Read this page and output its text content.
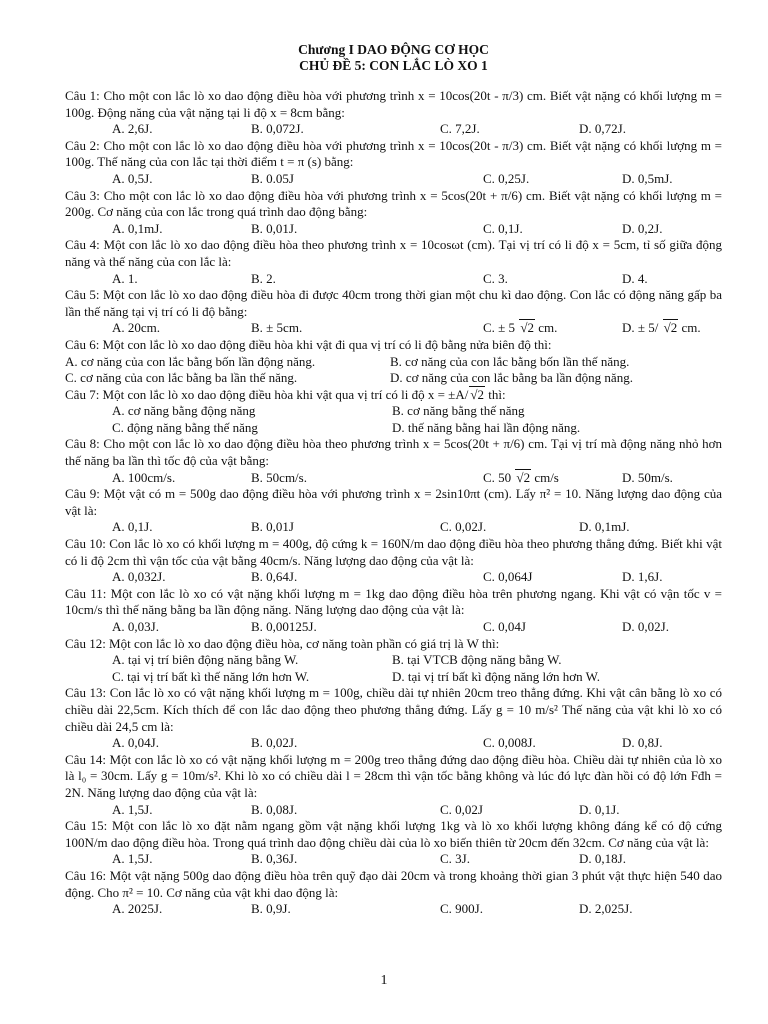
Chương I DAO ĐỘNG CƠ HỌC
CHỦ ĐỀ 5: CON LẮC LÒ XO 1
Câu 1: Cho một con lắc lò xo dao động điều hòa với phương trình x = 10cos(20t - π/3) cm. Biết vật nặng có khối lượng m = 100g. Động năng của vật nặng tại li độ x = 8cm bằng:
A. 2,6J.	B. 0,072J.	C. 7,2J.	D. 0,72J.
Câu 2: Cho một con lắc lò xo dao động điều hòa với phương trình x = 10cos(20t - π/3) cm. Biết vật nặng có khối lượng m = 100g. Thế năng của con lắc tại thời điểm t = π (s) bằng:
A. 0,5J.	B. 0.05J	C. 0,25J.	D. 0,5mJ.
Câu 3: Cho một con lắc lò xo dao động điều hòa với phương trình x = 5cos(20t + π/6) cm. Biết vật nặng có khối lượng m = 200g. Cơ năng của con lắc trong quá trình dao động bằng:
A. 0,1mJ.	B. 0,01J.	C. 0,1J.	D. 0,2J.
Câu 4: Một con lắc lò xo dao động điều hòa theo phương trình x = 10cosωt (cm). Tại vị trí có li độ x = 5cm, tỉ số giữa động năng và thế năng của con lắc là:
A. 1.	B. 2.	C. 3.	D. 4.
Câu 5: Một con lắc lò xo dao động điều hòa đi được 40cm trong thời gian một chu kì dao động. Con lắc có động năng gấp ba lần thế năng tại vị trí có li độ bằng:
A. 20cm.	B. ± 5cm.	C. ± 5 √2 cm.	D. ± 5/ √2 cm.
Câu 6: Một con lắc lò xo dao động điều hòa khi vật đi qua vị trí có li độ bằng nửa biên độ thì:
A. cơ năng của con lắc bằng bốn lần động năng.	B. cơ năng của con lắc bằng bốn lần thế năng.
C. cơ năng của con lắc bằng ba lần thế năng.	D. cơ năng của con lắc bằng ba lần động năng.
Câu 7: Một con lắc lò xo dao động điều hòa khi vật qua vị trí có li độ x = ±A/ √2 thì:
A. cơ năng bằng động năng	B. cơ năng bằng thế năng
C. động năng bằng thế năng	D. thế năng bằng hai lần động năng.
Câu 8: Cho một con lắc lò xo dao động điều hòa theo phương trình x = 5cos(20t + π/6) cm. Tại vị trí mà động năng nhỏ hơn thế năng ba lần thì tốc độ của vật bằng:
A. 100cm/s.	B. 50cm/s.	C. 50 √2 cm/s	D. 50m/s.
Câu 9: Một vật có m = 500g dao động điều hòa với phương trình x = 2sin10πt (cm). Lấy π² = 10. Năng lượng dao động của vật là:
A. 0,1J.	B. 0,01J	C. 0,02J.	D. 0,1mJ.
Câu 10: Con lắc lò xo có khối lượng m = 400g, độ cứng k = 160N/m dao động điều hòa theo phương thẳng đứng. Biết khi vật có li độ 2cm thì vận tốc của vật bằng 40cm/s. Năng lượng dao động của vật là:
A. 0,032J.	B. 0,64J.	C. 0,064J	D. 1,6J.
Câu 11: Một con lắc lò xo có vật nặng khối lượng m = 1kg dao động điều hòa trên phương ngang. Khi vật có vận tốc v = 10cm/s thì thế năng bằng ba lần động năng. Năng lượng dao động của vật là:
A. 0,03J.	B. 0,00125J.	C. 0,04J	D. 0,02J.
Câu 12: Một con lắc lò xo dao động điều hòa, cơ năng toàn phần có giá trị là W thì:
A. tại vị trí biên động năng bằng W.	B. tại VTCB động năng bằng W.
C. tại vị trí bất kì thế năng lớn hơn W.	D. tại vị trí bất kì động năng lớn hơn W.
Câu 13: Con lắc lò xo có vật nặng khối lượng m = 100g, chiều dài tự nhiên 20cm treo thẳng đứng. Khi vật cân bằng lò xo có chiều dài 22,5cm. Kích thích để con lắc dao động theo phương thẳng đứng. Lấy g = 10 m/s² Thế năng của vật khi lò xo có chiều dài 24,5 cm là:
A. 0,04J.	B. 0,02J.	C. 0,008J.	D. 0,8J.
Câu 14: Một con lắc lò xo có vật nặng khối lượng m = 200g treo thẳng đứng dao động điều hòa. Chiều dài tự nhiên của lò xo là l₀ = 30cm. Lấy g = 10m/s². Khi lò xo có chiều dài l = 28cm thì vận tốc bằng không và lúc đó lực đàn hồi có độ lớn Fđh = 2N. Năng lượng dao động của vật là:
A. 1,5J.	B. 0,08J.	C. 0,02J	D. 0,1J.
Câu 15: Một con lắc lò xo đặt nằm ngang gồm vật nặng khối lượng 1kg và lò xo khối lượng không đáng kể có độ cứng 100N/m dao động điều hòa. Trong quá trình dao động chiều dài của lò xo biến thiên từ 20cm đến 32cm. Cơ năng của vật là:
A. 1,5J.	B. 0,36J.	C. 3J.	D. 0,18J.
Câu 16: Một vật nặng 500g dao động điều hòa trên quỹ đạo dài 20cm và trong khoảng thời gian 3 phút vật thực hiện 540 dao động. Cho π² = 10. Cơ năng của vật khi dao động là:
A. 2025J.	B. 0,9J.	C. 900J.	D. 2,025J.
1
